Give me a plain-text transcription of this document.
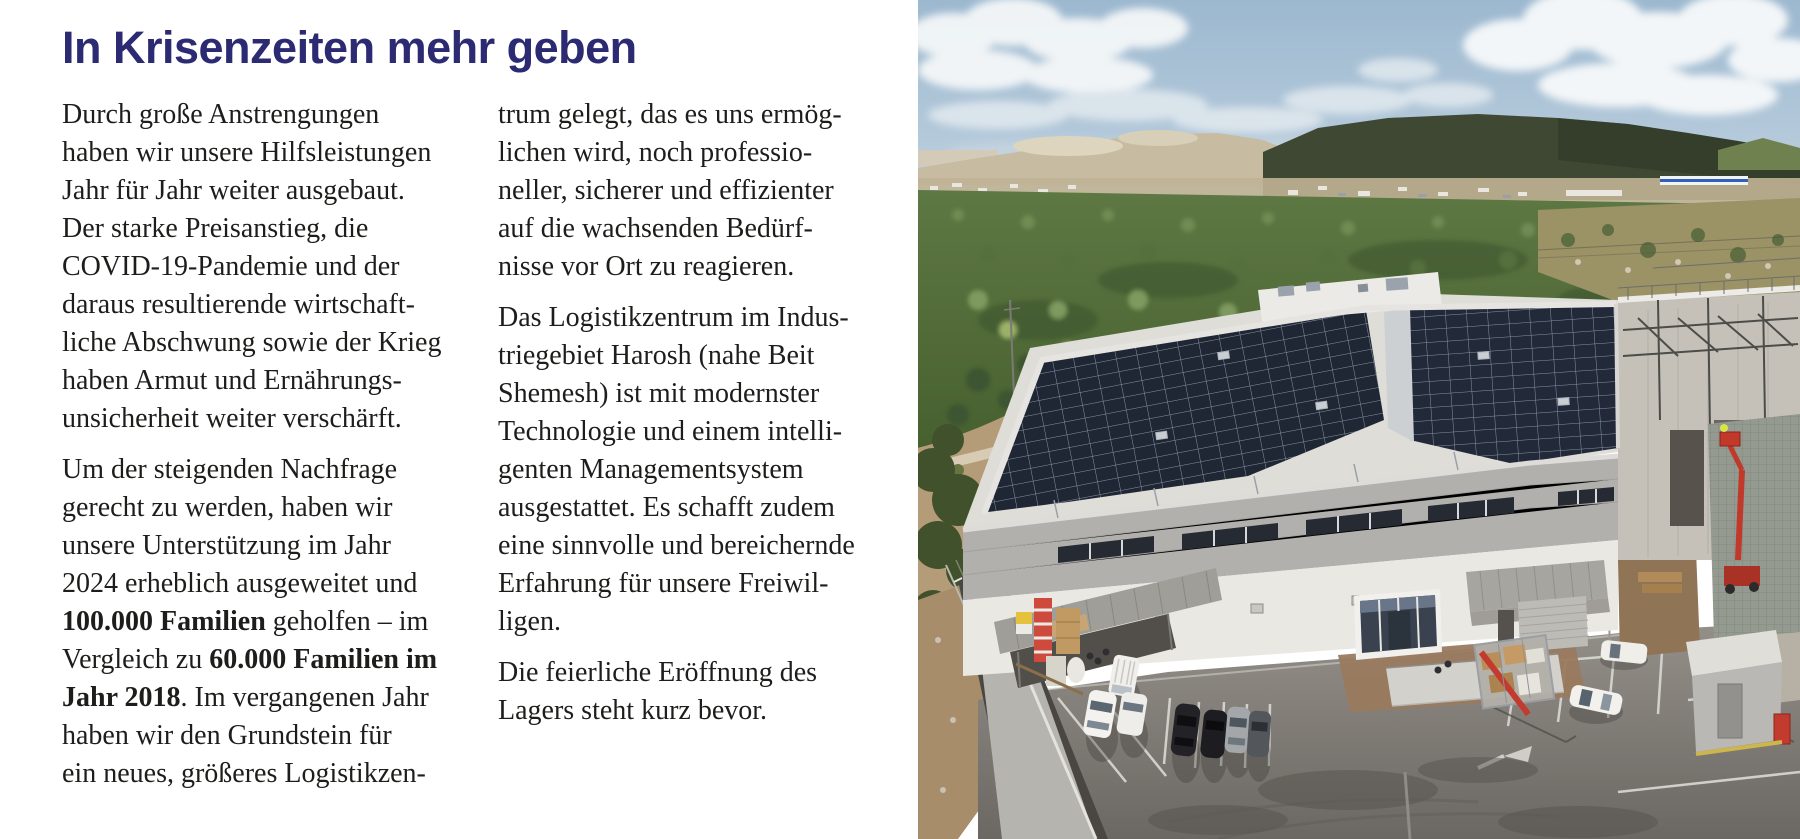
In Krisenzeiten mehr geben

Durch große Anstrengungen
haben wir unsere Hilfsleistungen
Jahr für Jahr weiter ausgebaut.
Der starke Preisanstieg, die
COVID-19-Pandemie und der
daraus resultierende wirtschaft-
liche Abschwung sowie der Krieg
haben Armut und Ernährungs-
unsicherheit weiter verschärft.

Um der steigenden Nachfrage
gerecht zu werden, haben wir
unsere Unterstützung im Jahr
2024 erheblich ausgeweitet und
100.000 Familien geholfen – im
Vergleich zu 60.000 Familien im
Jahr 2018. Im vergangenen Jahr
haben wir den Grundstein für
ein neues, größeres Logistikzen-

trum gelegt, das es uns ermög-
lichen wird, noch professio-
neller, sicherer und effizienter
auf die wachsenden Bedürf-
nisse vor Ort zu reagieren.

Das Logistikzentrum im Indus-
triegebiet Harosh (nahe Beit
Shemesh) ist mit modernster
Technologie und einem intelli-
genten Managementsystem
ausgestattet. Es schafft zudem
eine sinnvolle und bereichernde
Erfahrung für unsere Freiwil-
ligen.

Die feierliche Eröffnung des
Lagers steht kurz bevor.
